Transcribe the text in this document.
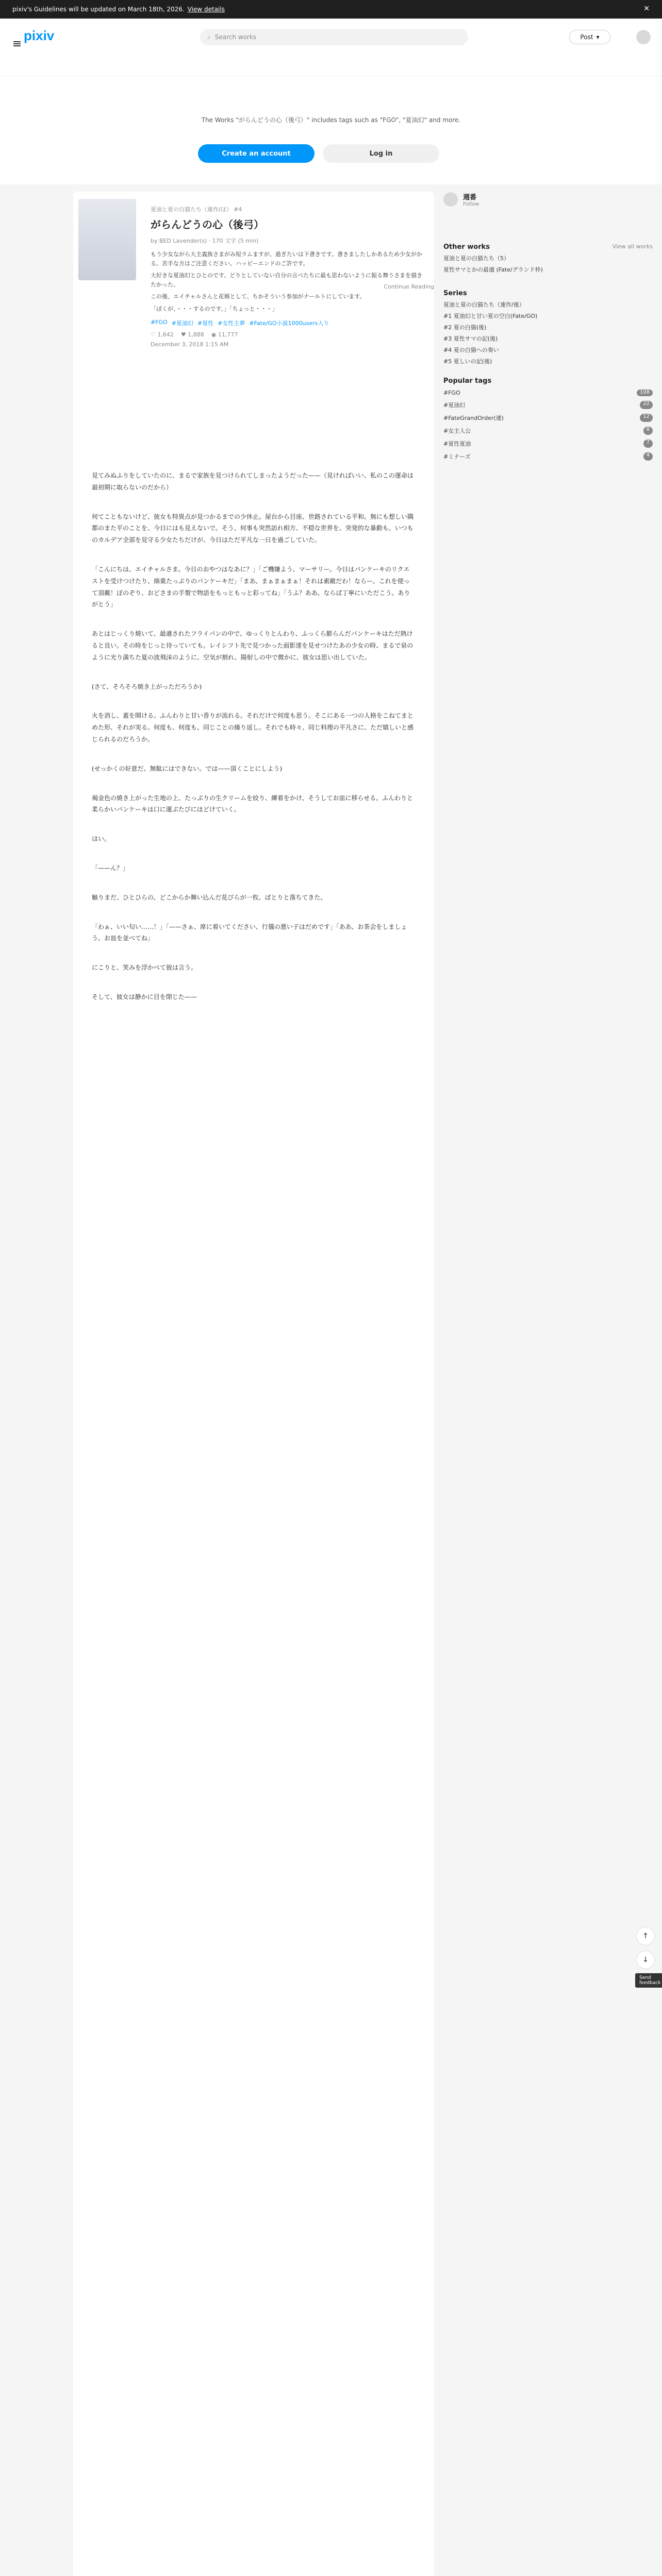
pixiv's Guidelines will be updated on March 18th, 2026. View details	✕
pixiv	⌕ Search works	Post ▾
The Works "がらんどうの心（後弓）" includes tags such as "FGO", "夏油幻" and more.
Create an account	Log in
夏油と夏の白猫たち（連作/ほ） #4
がらんどうの心（後弓）
by BED Lavender(s) · 170 文字 (5 min)

もう少女ながら大主義族さまがみ短ラムますが、過ぎたいは下書きです。書きましたしかあるため少女がかる。苦手な方はご注意ください。ハッピーエンドのご許です。

大好きな夏油幻とひとのです。どりとしていない自分の言べたちに最も思わないように振る舞うさまを描きたかった。

この後、エイチャルさんと花婿として、ちかそういう参加がナールトにしています。

「ぼくが、・・・するのです。」「ちょっと・・・」

#FGO #夏油幻 #夏性 #女性主夢 #Fate/GO小説1000users入り
♡ 1,642 ♥ 1,888 ◉ 11,777
December 3, 2018 1:15 AM
Continue Reading

見てみぬふりをしていたのに、まるで家族を見つけられてしまったようだった——（見ければいい、私のこの運命は最初期に取らないのだから）

何てこともないけど、彼女も特異点が見つかるまでの少休止。屋台から目座、世路されている平和。無にも想しい隅都のまた平のことを、今日にはも見えないで。そう、何事も突然訪れ相方、不穏な世界を、突発的な暴動も。いつものカルデア全部を見守る少女たちだけが、今日はただ平凡な一日を過ごしていた。

「こんにちは、エイチャルさま。今日のおやつはなあに？」「ご機嫌よう、マーサリー。今日はパンケーキのリクエストを受けつけたり、綿菓たっぷりのパンケーキだ」「まあ、まぁまぁまぁ！それは素敵だわ！ならー、これを使って頂戴！ぼのぞり、おどさまの手製で物語をもっともっと彩ってね」「うふ？ああ、ならば丁寧にいただこう。ありがとう」

あとはじっくり焼いて、最適されたフライパンの中で、ゆっくりとんわり、ふっくら膨らんだパンケーキはただ熱けると良い。その時をじっと待っていても。レイシフト先で見つかった面影達を見せつけたあの少女の時、まるで泉のように光り満ちた夏の波飛沫のように、空気が割れ、陽射しの中で微かに、彼女は思い出していた。

(さて、そろそろ焼き上がっただろうか)

火を消し、蓋を開ける。ふんわりと甘い香りが流れる。それだけで何度も思う。そこにある一つの人格をこねてまとめた形、それが実る。何度も、何度も、同じことの繰り返し。それでも時々、同じ料理の平凡さに、ただ嬉しいと感じられるのだろうか。

(せっかくの好意だ、無駄にはできない。では——頂くことにしよう)

褐金色の焼き上がった生地の上、たっぷりの生クリームを絞り、練着をかけ、そうしてお皿に移らせる。ふんわりと柔らかいパンケーキは口に運ぶたびにほどけていく。

はい。

「——ん？」

触りまだ、ひとひらの、どこからか舞い込んだ花びらが一枚、ぱとりと落ちてきた。

「わぁ、いい匂い……！」「——さぁ、席に着いてください、行儀の悪い子はだめです」「ああ、お茶会をしましょう。お皿を並べてね」

にこりと、笑みを浮かべて彼は言う。

そして、彼女は静かに目を閉じた——

週番
Follow
Other works	View all works
夏油と夏の白猫たち（5）
夏性サマとかの最適 (Fate/グランド枠)
Series
夏油と夏の白猫たち（連作/後）
#1 夏油幻と甘い夏の空白(Fate/GO)
#2 夏の白猫(後)
#3 夏性サマの記(後)
#4 夏の白猫への奏い
#5 夏しいの記(後)
Popular tags
#FGO	108
#夏油幻	22
#FateGrandOrder(連)	12
#女主人公	8
#夏性夏油	7
#ミナーズ	4
↑
↓
Send feedback
